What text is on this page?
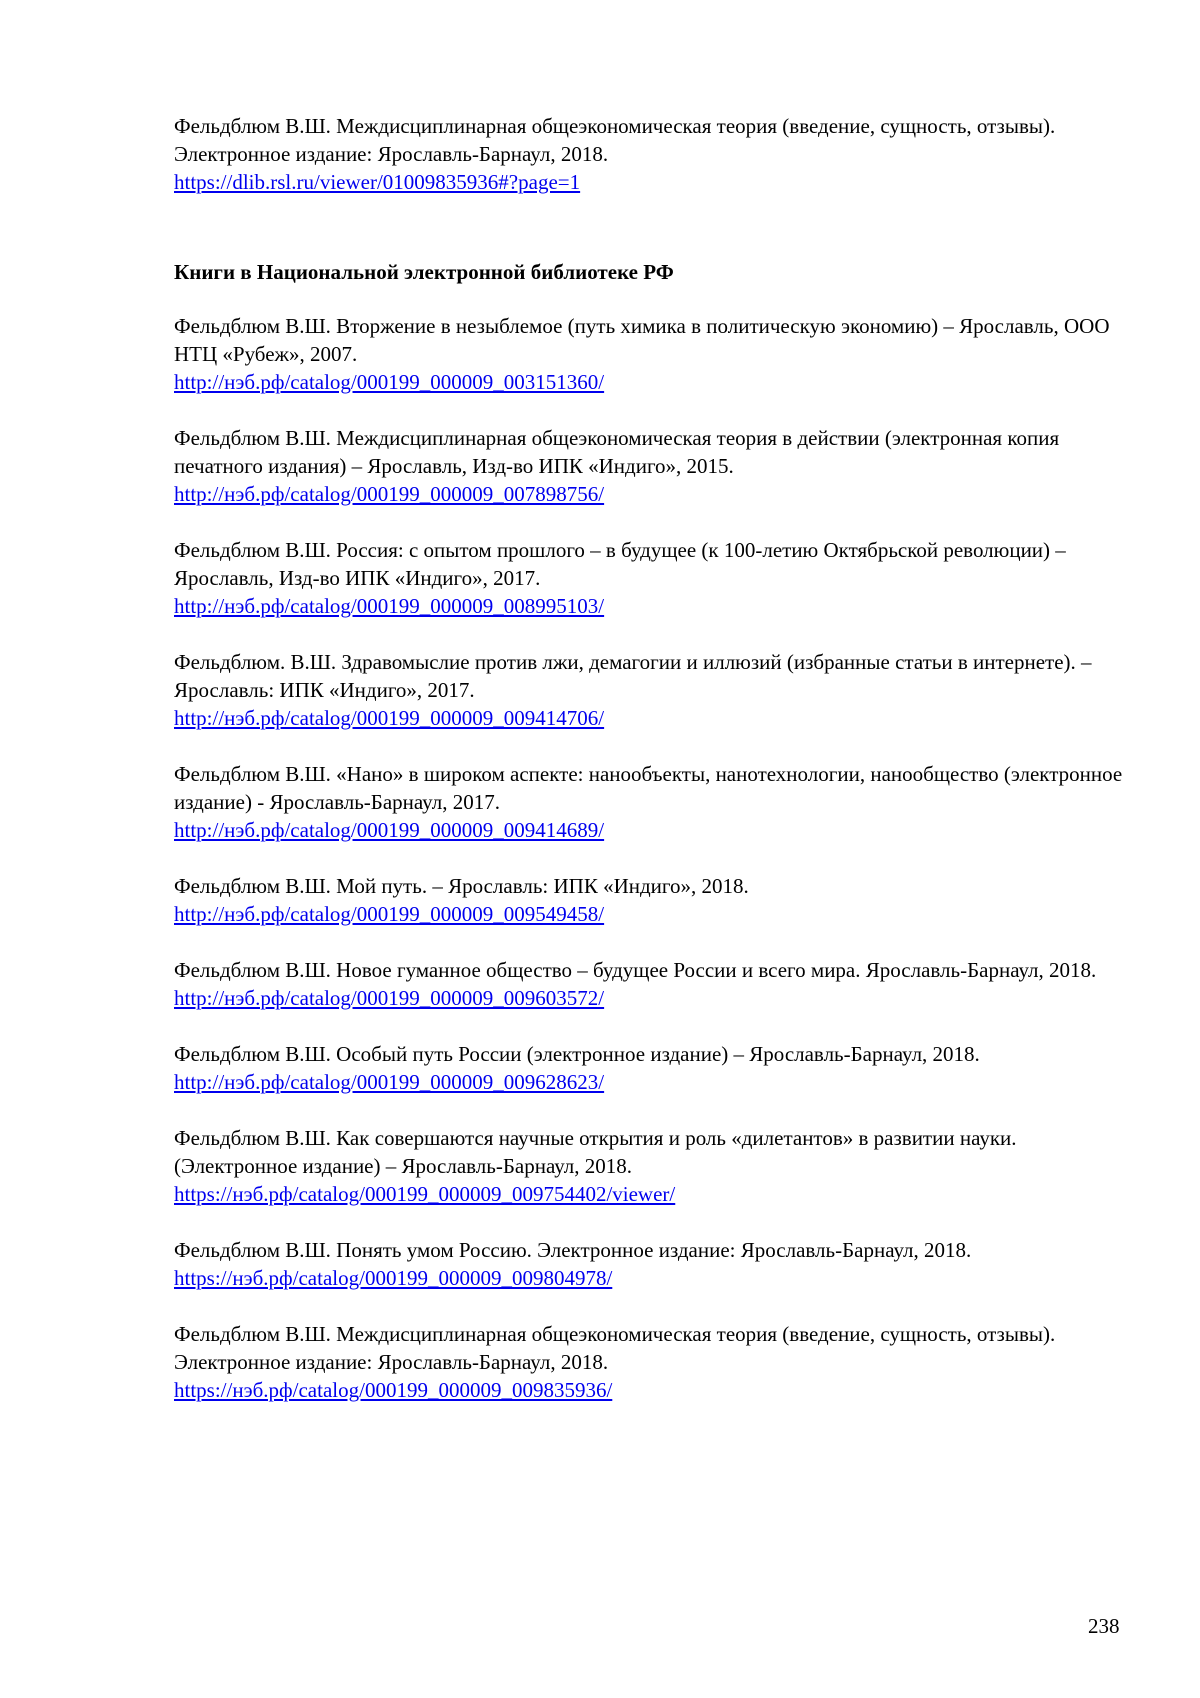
Фельдблюм В.Ш. Междисциплинарная общеэкономическая теория (введение, сущность, отзывы). Электронное издание: Ярославль-Барнаул, 2018.

https://dlib.rsl.ru/viewer/01009835936#?page=1

Книги в Национальной электронной библиотеке РФ

Фельдблюм В.Ш. Вторжение в незыблемое (путь химика в политическую экономию) – Ярославль, ООО НТЦ «Рубеж», 2007.

http://нэб.рф/catalog/000199_000009_003151360/

Фельдблюм В.Ш. Междисциплинарная общеэкономическая теория в действии (электронная копия печатного издания) – Ярославль, Изд-во ИПК «Индиго», 2015.

http://нэб.рф/catalog/000199_000009_007898756/

Фельдблюм В.Ш. Россия: с опытом прошлого – в будущее (к 100-летию Октябрьской революции) – Ярославль, Изд-во ИПК «Индиго», 2017.

http://нэб.рф/catalog/000199_000009_008995103/

Фельдблюм. В.Ш. Здравомыслие против лжи, демагогии и иллюзий (избранные статьи в интернете). – Ярославль: ИПК «Индиго», 2017.

http://нэб.рф/catalog/000199_000009_009414706/

Фельдблюм В.Ш. «Нано» в широком аспекте: нанообъекты, нанотехнологии, нанообщество (электронное издание) - Ярославль-Барнаул, 2017.

http://нэб.рф/catalog/000199_000009_009414689/

Фельдблюм В.Ш. Мой путь. – Ярославль: ИПК «Индиго», 2018.

http://нэб.рф/catalog/000199_000009_009549458/

Фельдблюм В.Ш. Новое гуманное общество – будущее России и всего мира. Ярославль-Барнаул, 2018.

http://нэб.рф/catalog/000199_000009_009603572/

Фельдблюм В.Ш. Особый путь России (электронное издание) – Ярославль-Барнаул, 2018.

http://нэб.рф/catalog/000199_000009_009628623/

Фельдблюм В.Ш. Как совершаются научные открытия и роль «дилетантов» в развитии науки. (Электронное издание) – Ярославль-Барнаул, 2018.

https://нэб.рф/catalog/000199_000009_009754402/viewer/

Фельдблюм В.Ш. Понять умом Россию. Электронное издание: Ярославль-Барнаул, 2018.

https://нэб.рф/catalog/000199_000009_009804978/

Фельдблюм В.Ш. Междисциплинарная общеэкономическая теория (введение, сущность, отзывы). Электронное издание: Ярославль-Барнаул, 2018.

https://нэб.рф/catalog/000199_000009_009835936/
238
